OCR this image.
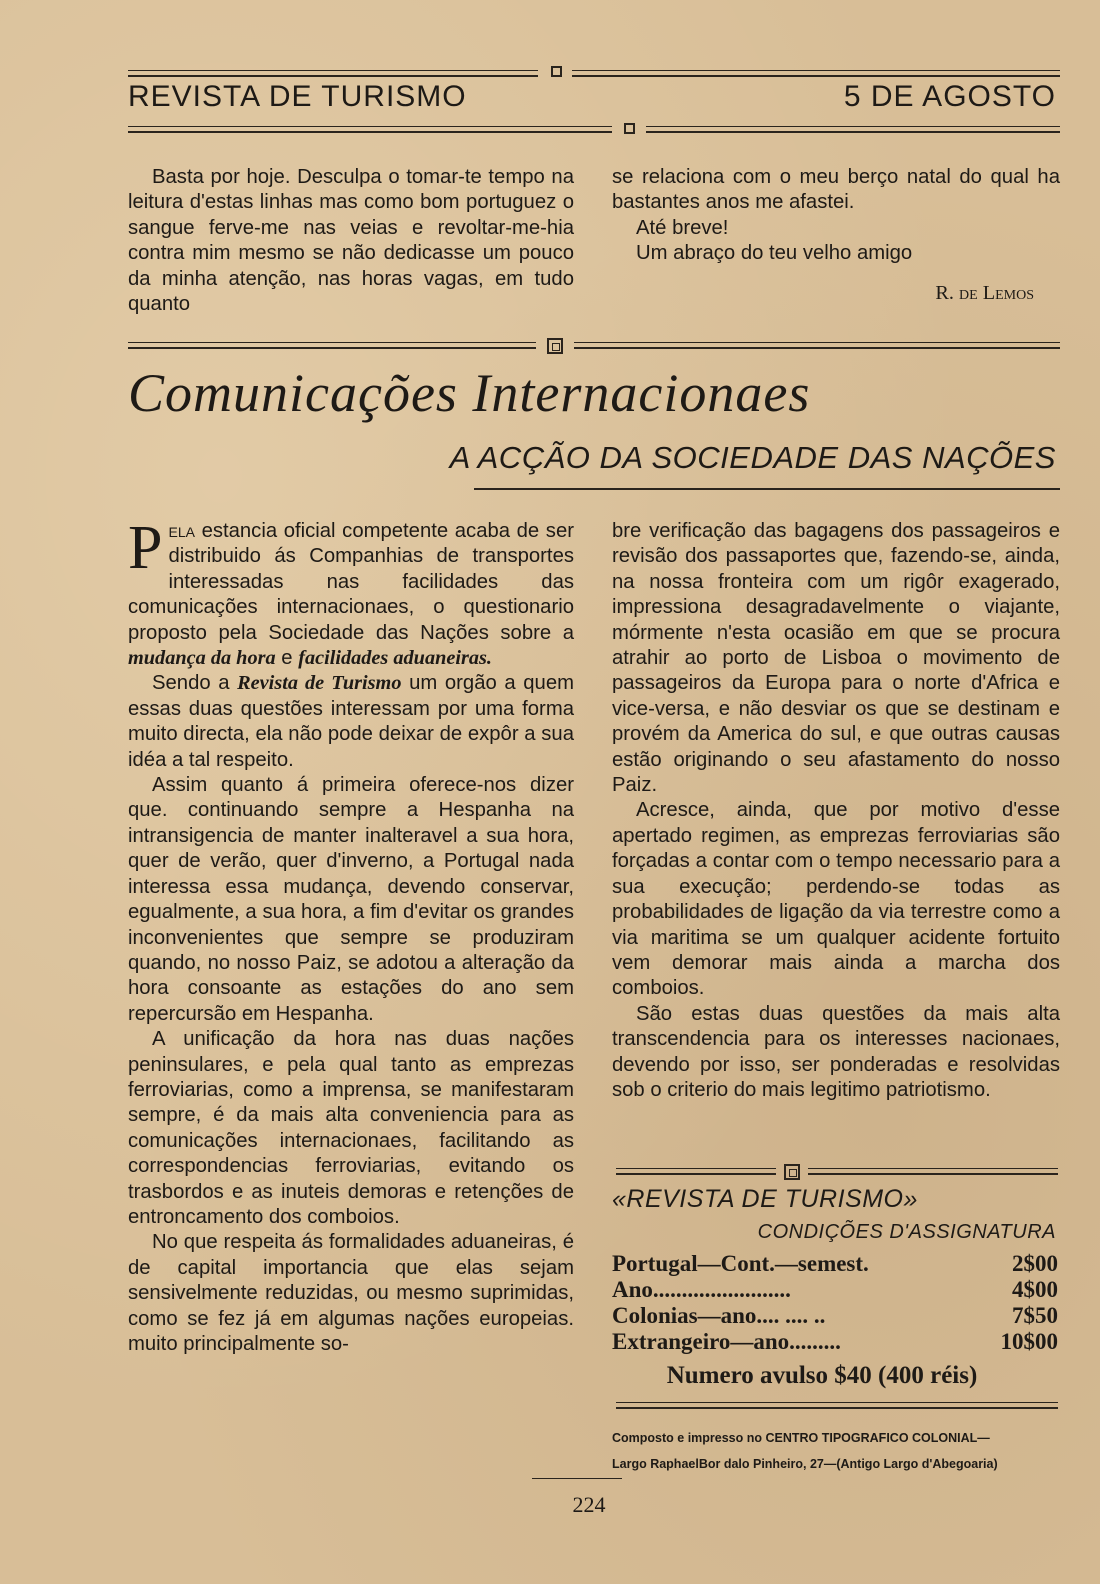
REVISTA DE TURISMO	5 DE AGOSTO

Basta por hoje. Desculpa o tomar-te tempo na leitura d'estas linhas mas como bom portuguez o sangue ferve-me nas veias e revoltar-me-hia contra mim mesmo se não dedicasse um pouco da minha atenção, nas horas vagas, em tudo quanto

se relaciona com o meu berço natal do qual ha bastantes anos me afastei.

Até breve!

Um abraço do teu velho amigo

R. de Lemos

Comunicações Internacionaes
A ACÇÃO DA SOCIEDADE DAS NAÇÕES

Pela estancia oficial competente acaba de ser distribuido ás Companhias de transportes interessadas nas facilidades das comunicações internacionaes, o questionario proposto pela Sociedade das Nações sobre a mudança da hora e facilidades aduaneiras.

Sendo a Revista de Turismo um orgão a quem essas duas questões interessam por uma forma muito directa, ela não pode deixar de expôr a sua idéa a tal respeito.

Assim quanto á primeira oferece-nos dizer que. continuando sempre a Hespanha na intransigencia de manter inalteravel a sua hora, quer de verão, quer d'inverno, a Portugal nada interessa essa mudança, devendo conservar, egualmente, a sua hora, a fim d'evitar os grandes inconvenientes que sempre se produziram quando, no nosso Paiz, se adotou a alteração da hora consoante as estações do ano sem repercursão em Hespanha.

A unificação da hora nas duas nações peninsulares, e pela qual tanto as emprezas ferroviarias, como a imprensa, se manifestaram sempre, é da mais alta conveniencia para as comunicações internacionaes, facilitando as correspondencias ferroviarias, evitando os trasbordos e as inuteis demoras e retenções de entroncamento dos comboios.

No que respeita ás formalidades aduaneiras, é de capital importancia que elas sejam sensivelmente reduzidas, ou mesmo suprimidas, como se fez já em algumas nações europeias. muito principalmente so-

bre verificação das bagagens dos passageiros e revisão dos passaportes que, fazendo-se, ainda, na nossa fronteira com um rigôr exagerado, impressiona desagradavelmente o viajante, mórmente n'esta ocasião em que se procura atrahir ao porto de Lisboa o movimento de passageiros da Europa para o norte d'Africa e vice-versa, e não desviar os que se destinam e provém da America do sul, e que outras causas estão originando o seu afastamento do nosso Paiz.

Acresce, ainda, que por motivo d'esse apertado regimen, as emprezas ferroviarias são forçadas a contar com o tempo necessario para a sua execução; perdendo-se todas as probabilidades de ligação da via terrestre como a via maritima se um qualquer acidente fortuito vem demorar mais ainda a marcha dos comboios.

São estas duas questões da mais alta transcendencia para os interesses nacionaes, devendo por isso, ser ponderadas e resolvidas sob o criterio do mais legitimo patriotismo.

«REVISTA DE TURISMO»
CONDIÇÕES D'ASSIGNATURA
Portugal—Cont.—semest.	2$00
Ano........................	4$00
Colonias—ano.... .... ..	7$50
Extrangeiro—ano.........	10$00
Numero avulso $40 (400 réis)
Composto e impresso no CENTRO TIPOGRAFICO COLONIAL—
Largo RaphaelBor dalo Pinheiro, 27—(Antigo Largo d'Abegoaria)
224
